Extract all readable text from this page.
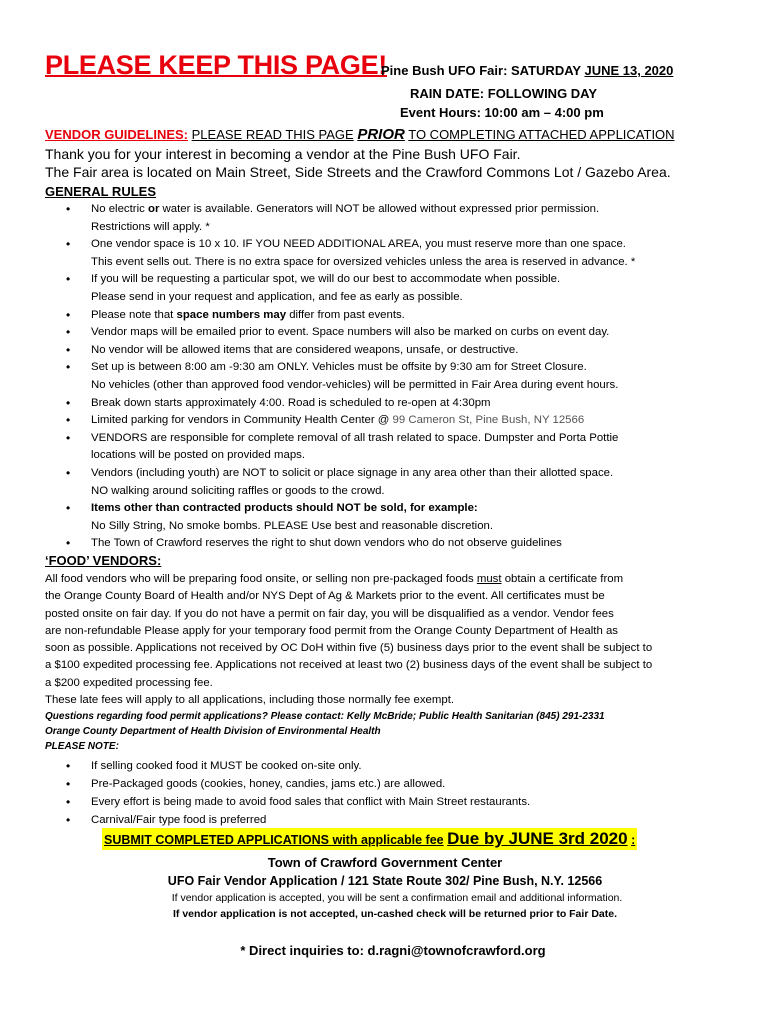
PLEASE KEEP THIS PAGE!
Pine Bush UFO Fair: SATURDAY JUNE 13, 2020
RAIN DATE: FOLLOWING DAY
Event Hours: 10:00 am – 4:00 pm
VENDOR GUIDELINES: PLEASE READ THIS PAGE PRIOR TO COMPLETING ATTACHED APPLICATION
Thank you for your interest in becoming a vendor at the Pine Bush UFO Fair.
The Fair area is located on Main Street, Side Streets and the Crawford Commons Lot / Gazebo Area.
GENERAL RULES
• No electric or water is available. Generators will NOT be allowed without expressed prior permission.
Restrictions will apply. *
• One vendor space is 10 x 10. IF YOU NEED ADDITIONAL AREA, you must reserve more than one space.
This event sells out. There is no extra space for oversized vehicles unless the area is reserved in advance. *
• If you will be requesting a particular spot, we will do our best to accommodate when possible.
Please send in your request and application, and fee as early as possible.
• Please note that space numbers may differ from past events.
• Vendor maps will be emailed prior to event. Space numbers will also be marked on curbs on event day.
• No vendor will be allowed items that are considered weapons, unsafe, or destructive.
• Set up is between 8:00 am -9:30 am ONLY. Vehicles must be offsite by 9:30 am for Street Closure.
No vehicles (other than approved food vendor-vehicles) will be permitted in Fair Area during event hours.
• Break down starts approximately 4:00. Road is scheduled to re-open at 4:30pm
• Limited parking for vendors in Community Health Center @ 99 Cameron St, Pine Bush, NY 12566
• VENDORS are responsible for complete removal of all trash related to space. Dumpster and Porta Pottie
locations will be posted on provided maps.
• Vendors (including youth) are NOT to solicit or place signage in any area other than their allotted space.
NO walking around soliciting raffles or goods to the crowd.
• Items other than contracted products should NOT be sold, for example:
No Silly String, No smoke bombs. PLEASE Use best and reasonable discretion.
• The Town of Crawford reserves the right to shut down vendors who do not observe guidelines
‘FOOD’ VENDORS:

All food vendors who will be preparing food onsite, or selling non pre-packaged foods must obtain a certificate from

the Orange County Board of Health and/or NYS Dept of Ag & Markets prior to the event. All certificates must be

posted onsite on fair day. If you do not have a permit on fair day, you will be disqualified as a vendor. Vendor fees

are non-refundable Please apply for your temporary food permit from the Orange County Department of Health as

soon as possible. Applications not received by OC DoH within five (5) business days prior to the event shall be subject to

a $100 expedited processing fee. Applications not received at least two (2) business days of the event shall be subject to

a $200 expedited processing fee.

These late fees will apply to all applications, including those normally fee exempt.

Questions regarding food permit applications? Please contact: Kelly McBride; Public Health Sanitarian (845) 291-2331
Orange County Department of Health Division of Environmental Health
PLEASE NOTE:
• If selling cooked food it MUST be cooked on-site only.
• Pre-Packaged goods (cookies, honey, candies, jams etc.) are allowed.
• Every effort is being made to avoid food sales that conflict with Main Street restaurants.
• Carnival/Fair type food is preferred
SUBMIT COMPLETED APPLICATIONS with applicable fee Due by JUNE 3rd 2020 :
Town of Crawford Government Center
UFO Fair Vendor Application / 121 State Route 302/ Pine Bush, N.Y. 12566
If vendor application is accepted, you will be sent a confirmation email and additional information.
If vendor application is not accepted, un-cashed check will be returned prior to Fair Date.
* Direct inquiries to: d.ragni@townofcrawford.org
